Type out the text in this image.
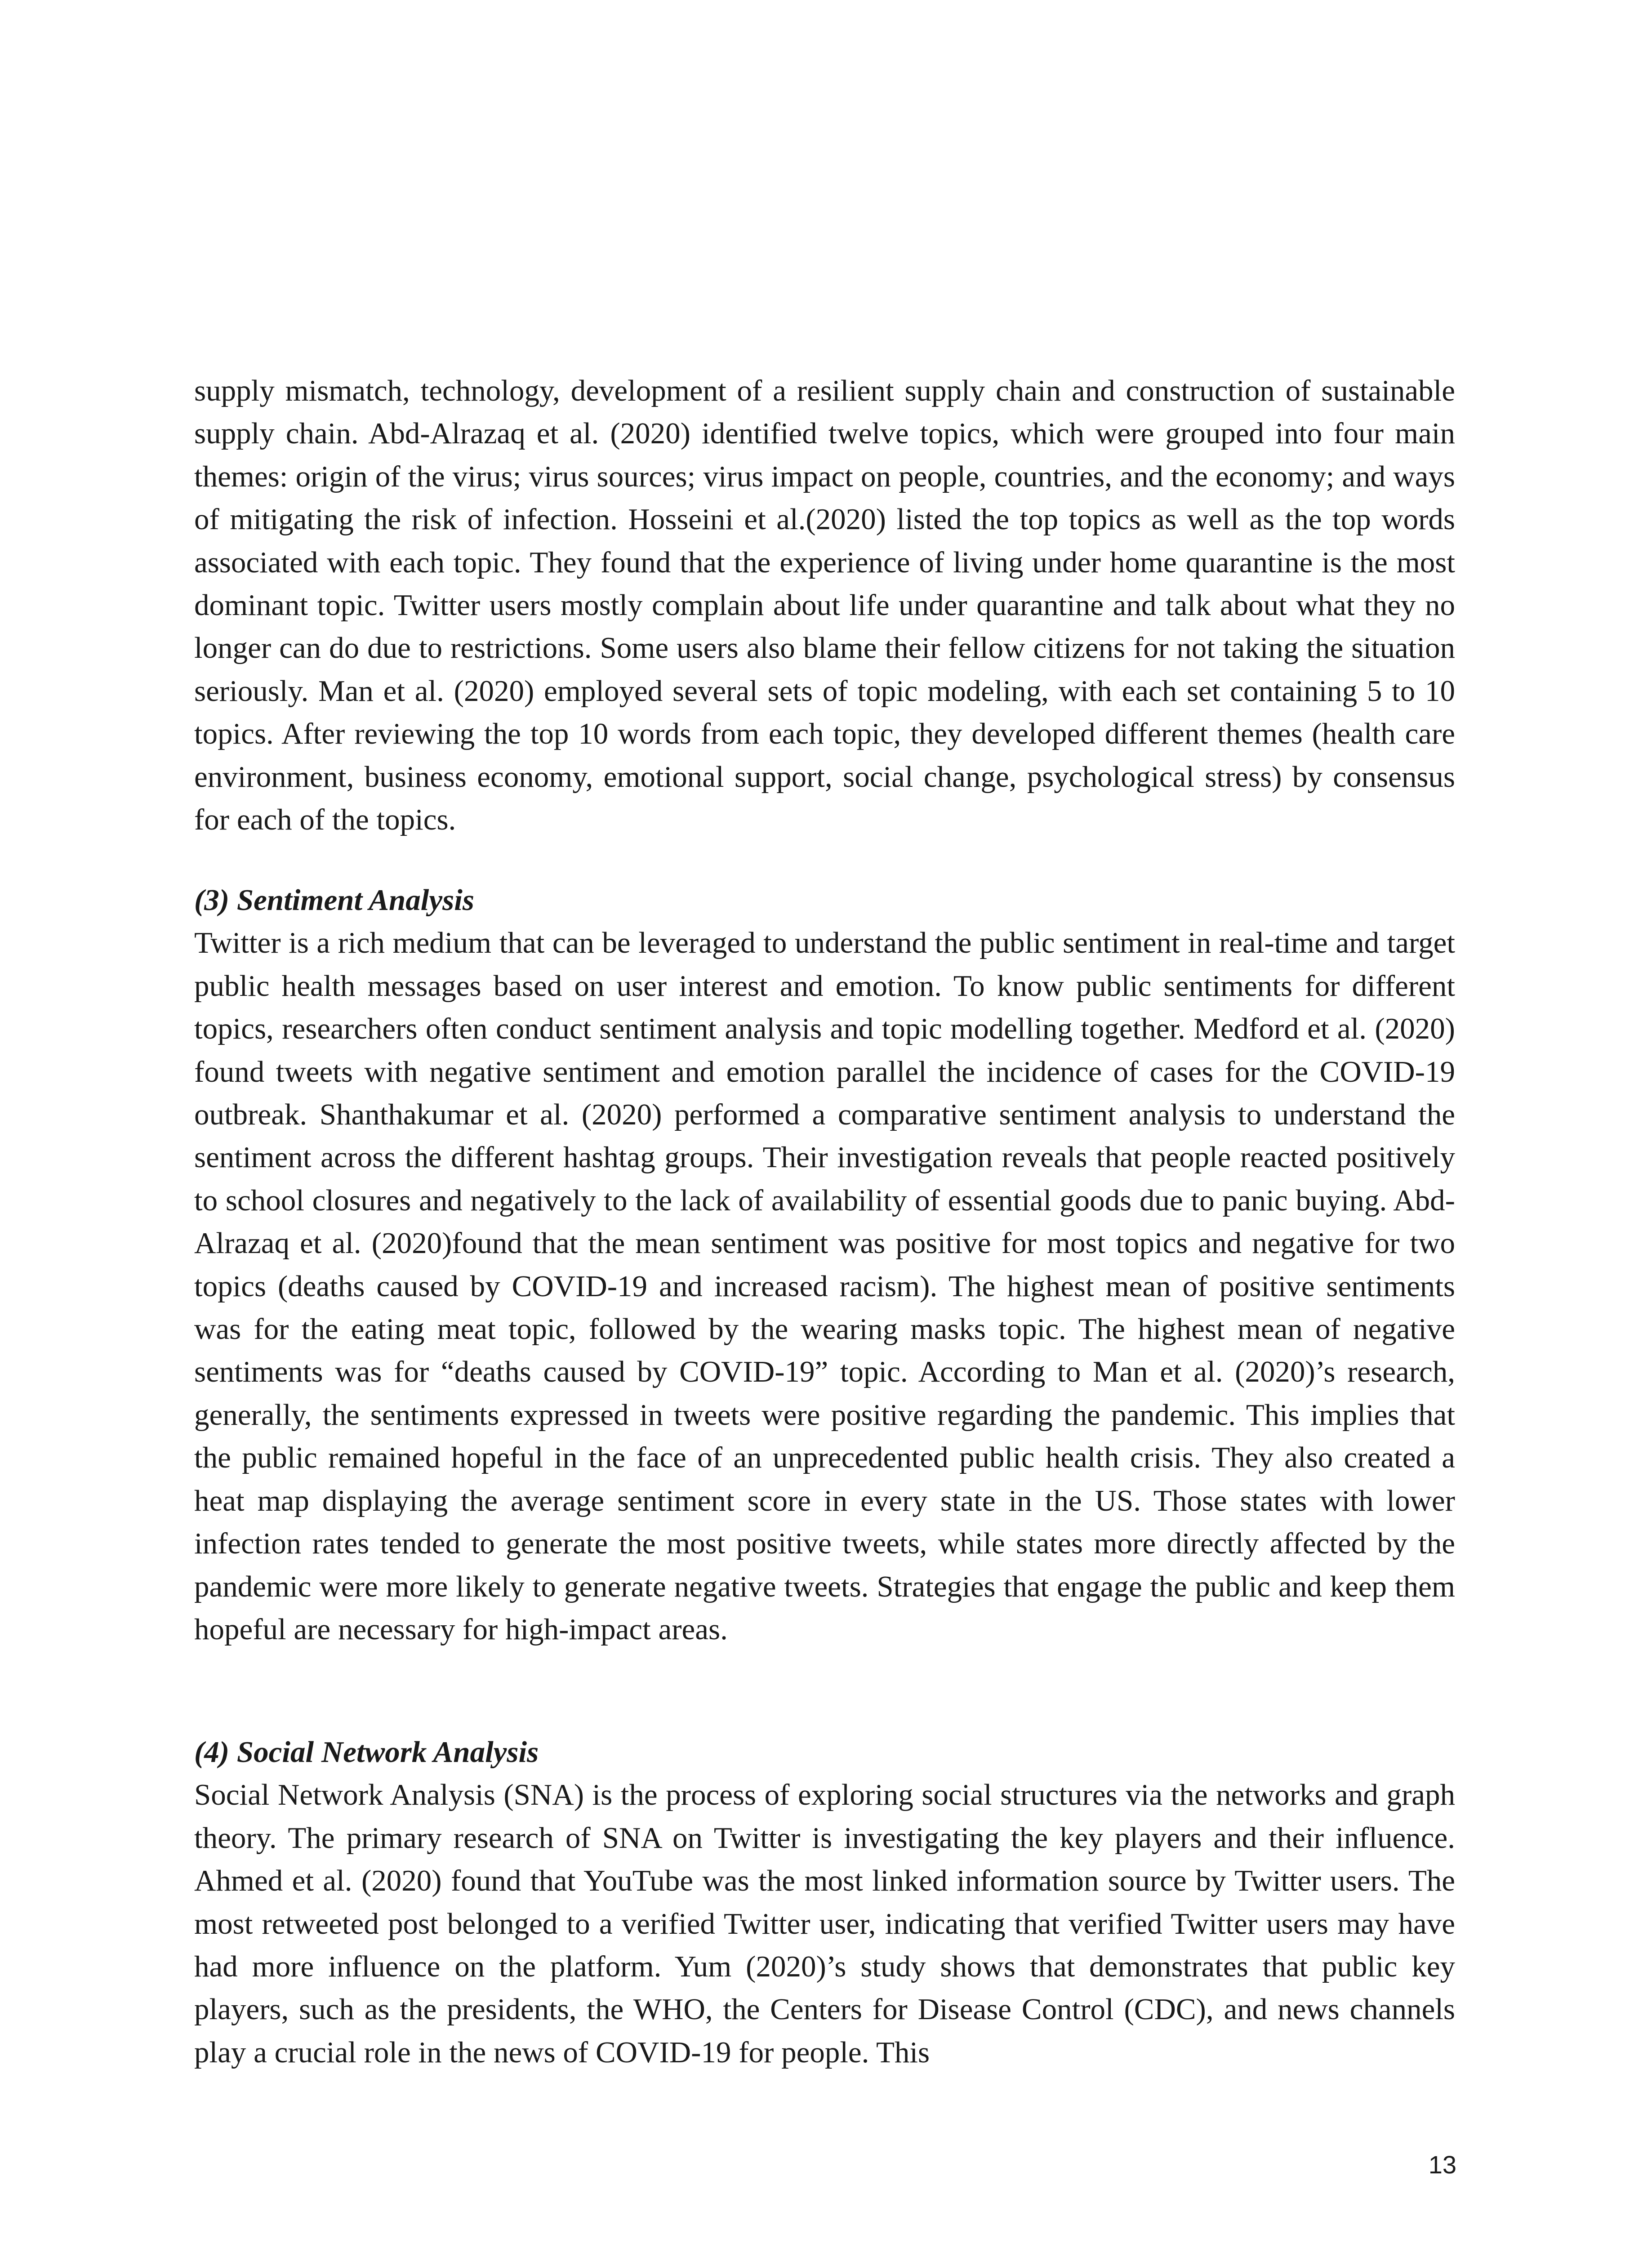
supply mismatch, technology, development of a resilient supply chain and construction of sustainable supply chain. Abd-Alrazaq et al. (2020) identified twelve topics, which were grouped into four main themes: origin of the virus; virus sources; virus impact on people, countries, and the economy; and ways of mitigating the risk of infection. Hosseini et al.(2020) listed the top topics as well as the top words associated with each topic. They found that the experience of living under home quarantine is the most dominant topic. Twitter users mostly complain about life under quarantine and talk about what they no longer can do due to restrictions. Some users also blame their fellow citizens for not taking the situation seriously. Man et al. (2020) employed several sets of topic modeling, with each set containing 5 to 10 topics. After reviewing the top 10 words from each topic, they developed different themes (health care environment, business economy, emotional support, social change, psychological stress) by consensus for each of the topics.

(3) Sentiment Analysis

Twitter is a rich medium that can be leveraged to understand the public sentiment in real-time and target public health messages based on user interest and emotion. To know public sentiments for different topics, researchers often conduct sentiment analysis and topic modelling together. Medford et al. (2020) found tweets with negative sentiment and emotion parallel the incidence of cases for the COVID-19 outbreak. Shanthakumar et al. (2020) performed a comparative sentiment analysis to understand the sentiment across the different hashtag groups. Their investigation reveals that people reacted positively to school closures and negatively to the lack of availability of essential goods due to panic buying. Abd-Alrazaq et al. (2020)found that the mean sentiment was positive for most topics and negative for two topics (deaths caused by COVID-19 and increased racism). The highest mean of positive sentiments was for the eating meat topic, followed by the wearing masks topic. The highest mean of negative sentiments was for “deaths caused by COVID-19” topic. According to Man et al. (2020)’s research, generally, the sentiments expressed in tweets were positive regarding the pandemic. This implies that the public remained hopeful in the face of an unprecedented public health crisis. They also created a heat map displaying the average sentiment score in every state in the US. Those states with lower infection rates tended to generate the most positive tweets, while states more directly affected by the pandemic were more likely to generate negative tweets. Strategies that engage the public and keep them hopeful are necessary for high-impact areas.

(4) Social Network Analysis

Social Network Analysis (SNA) is the process of exploring social structures via the networks and graph theory. The primary research of SNA on Twitter is investigating the key players and their influence. Ahmed et al. (2020) found that YouTube was the most linked information source by Twitter users. The most retweeted post belonged to a verified Twitter user, indicating that verified Twitter users may have had more influence on the platform. Yum (2020)’s study shows that demonstrates that public key players, such as the presidents, the WHO, the Centers for Disease Control (CDC), and news channels play a crucial role in the news of COVID-19 for people. This

13
